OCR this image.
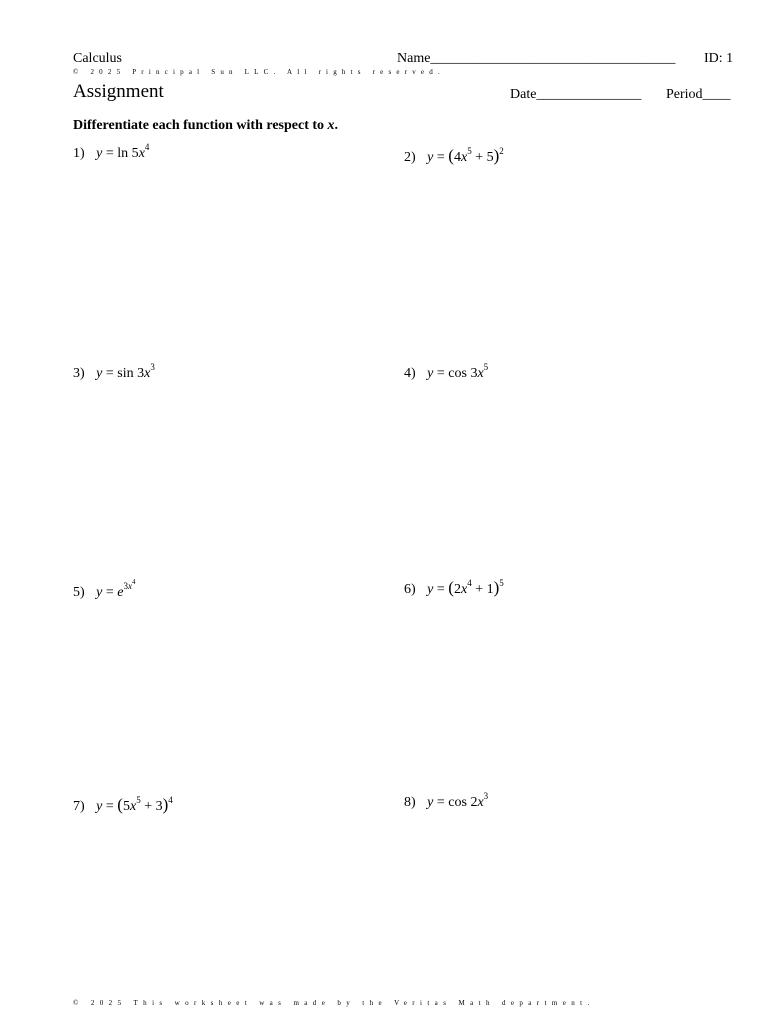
Calculus	Name___________________________________ ID: 1
© 2025 Principal Sun LLC. All rights reserved.
Assignment	Date_______________ Period____
Differentiate each function with respect to x.
1) $y = \ln 5x^4$
2) $y = (4x^5 + 5)^2$
3) $y = \sin 3x^3$	4) $y = \cos 3x^5$
5) $y = e^{3x^4}$	6) $y = (2x^4 + 1)^5$
7) $y = (5x^5 + 3)^4$	8) $y = \cos 2x^3$
© 2025 This worksheet was made by the Veritas Math department.
